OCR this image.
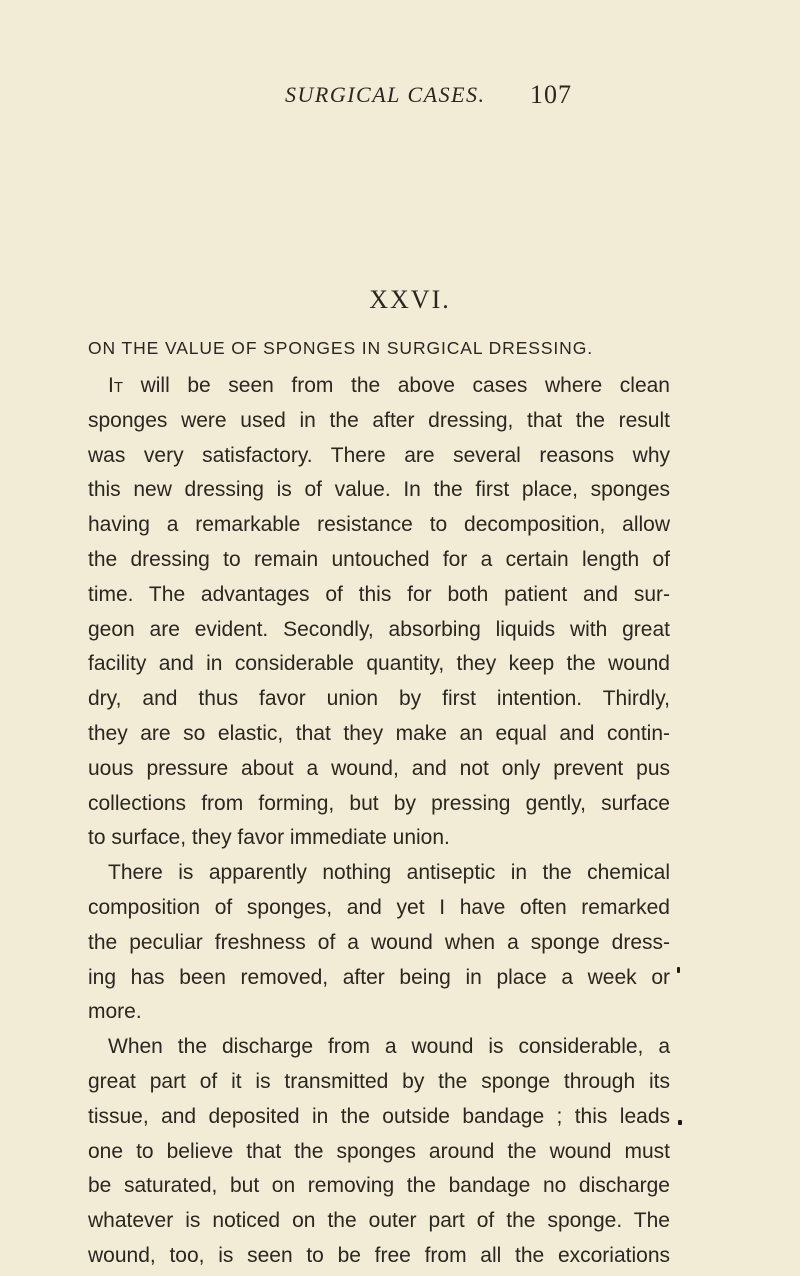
SURGICAL CASES. 107
XXVI.
ON THE VALUE OF SPONGES IN SURGICAL DRESSING.
It will be seen from the above cases where clean
sponges were used in the after dressing, that the result
was very satisfactory. There are several reasons why
this new dressing is of value. In the first place, sponges
having a remarkable resistance to decomposition, allow
the dressing to remain untouched for a certain length of
time. The advantages of this for both patient and sur-
geon are evident. Secondly, absorbing liquids with great
facility and in considerable quantity, they keep the wound
dry, and thus favor union by first intention. Thirdly,
they are so elastic, that they make an equal and contin-
uous pressure about a wound, and not only prevent pus
collections from forming, but by pressing gently, surface
to surface, they favor immediate union.
There is apparently nothing antiseptic in the chemical
composition of sponges, and yet I have often remarked
the peculiar freshness of a wound when a sponge dress-
ing has been removed, after being in place a week or
more.
When the discharge from a wound is considerable, a
great part of it is transmitted by the sponge through its
tissue, and deposited in the outside bandage ; this leads
one to believe that the sponges around the wound must
be saturated, but on removing the bandage no discharge
whatever is noticed on the outer part of the sponge. The
wound, too, is seen to be free from all the excoriations
